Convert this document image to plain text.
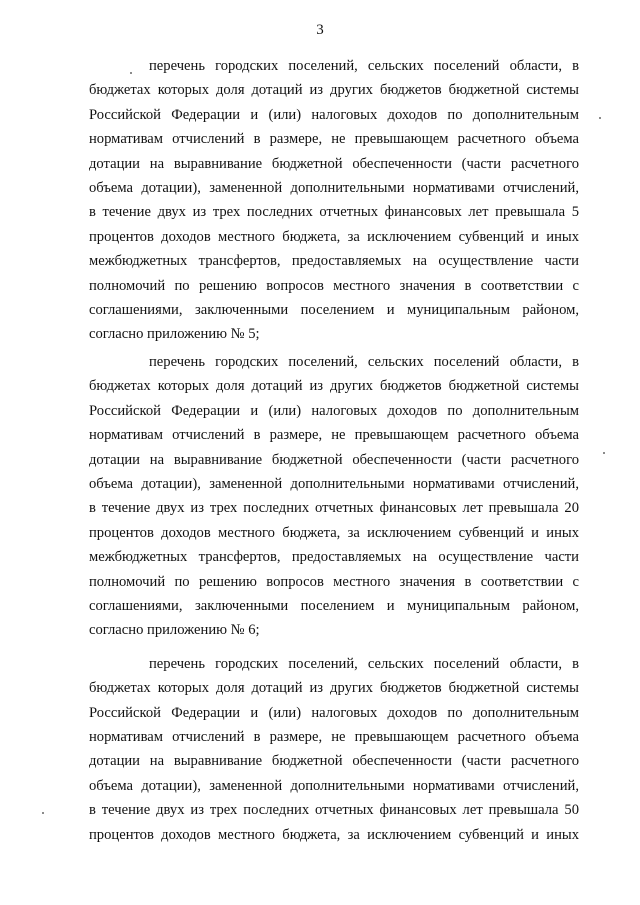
3

перечень городских поселений, сельских поселений области, в
бюджетах которых доля дотаций из других бюджетов бюджетной системы
Российской Федерации и (или) налоговых доходов по дополнительным
нормативам отчислений в размере, не превышающем расчетного объема
дотации на выравнивание бюджетной обеспеченности (части расчетного
объема дотации), замененной дополнительными нормативами отчислений,
в течение двух из трех последних отчетных финансовых лет превышала 5
процентов доходов местного бюджета, за исключением субвенций и иных
межбюджетных трансфертов, предоставляемых на осуществление части
полномочий по решению вопросов местного значения в соответствии с
соглашениями, заключенными поселением и муниципальным районом,
согласно приложению № 5;

перечень городских поселений, сельских поселений области, в
бюджетах которых доля дотаций из других бюджетов бюджетной системы
Российской Федерации и (или) налоговых доходов по дополнительным
нормативам отчислений в размере, не превышающем расчетного объема
дотации на выравнивание бюджетной обеспеченности (части расчетного
объема дотации), замененной дополнительными нормативами отчислений,
в течение двух из трех последних отчетных финансовых лет превышала 20
процентов доходов местного бюджета, за исключением субвенций и иных
межбюджетных трансфертов, предоставляемых на осуществление части
полномочий по решению вопросов местного значения в соответствии с
соглашениями, заключенными поселением и муниципальным районом,
согласно приложению № 6;

перечень городских поселений, сельских поселений области, в
бюджетах которых доля дотаций из других бюджетов бюджетной системы
Российской Федерации и (или) налоговых доходов по дополнительным
нормативам отчислений в размере, не превышающем расчетного объема
дотации на выравнивание бюджетной обеспеченности (части расчетного
объема дотации), замененной дополнительными нормативами отчислений,
в течение двух из трех последних отчетных финансовых лет превышала 50
процентов доходов местного бюджета, за исключением субвенций и иных
